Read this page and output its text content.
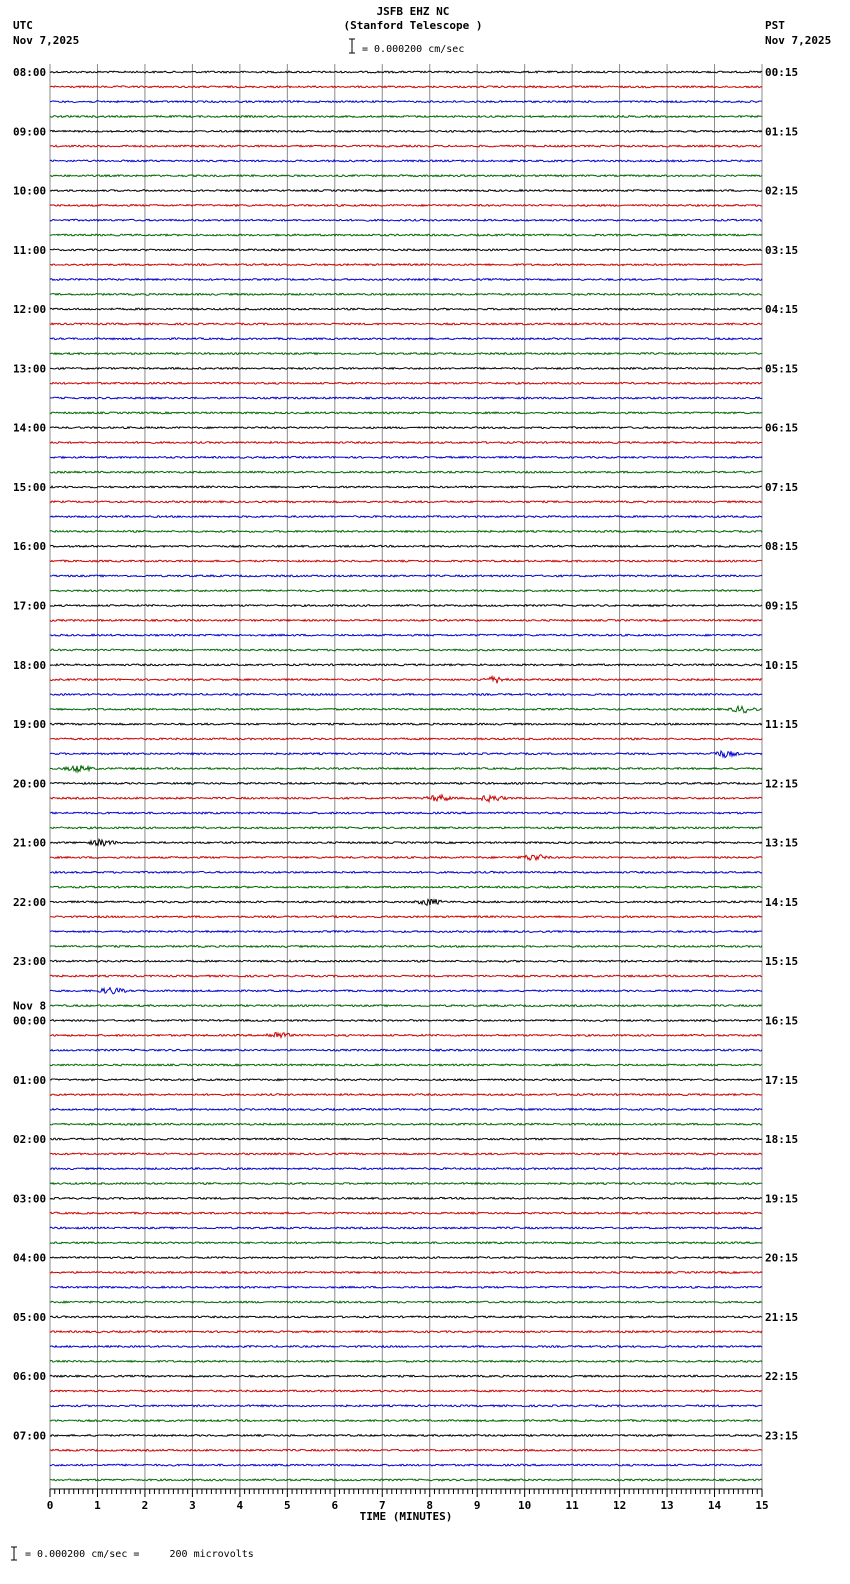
JSFB EHZ NC
(Stanford Telescope )
UTC
Nov 7,2025
PST
Nov 7,2025
= 0.000200 cm/sec
= 0.000200 cm/sec =     200 microvolts
08:00
09:00
10:00
11:00
12:00
13:00
14:00
15:00
16:00
17:00
18:00
19:00
20:00
21:00
22:00
23:00
00:00
01:00
02:00
03:00
04:00
05:00
06:00
07:00
00:15
01:15
02:15
03:15
04:15
05:15
06:15
07:15
08:15
09:15
10:15
11:15
12:15
13:15
14:15
15:15
16:15
17:15
18:15
19:15
20:15
21:15
22:15
23:15
Nov 8
0	1	2	3	4	5	6	7	8	9	10	11	12	13	14	15
TIME (MINUTES)
